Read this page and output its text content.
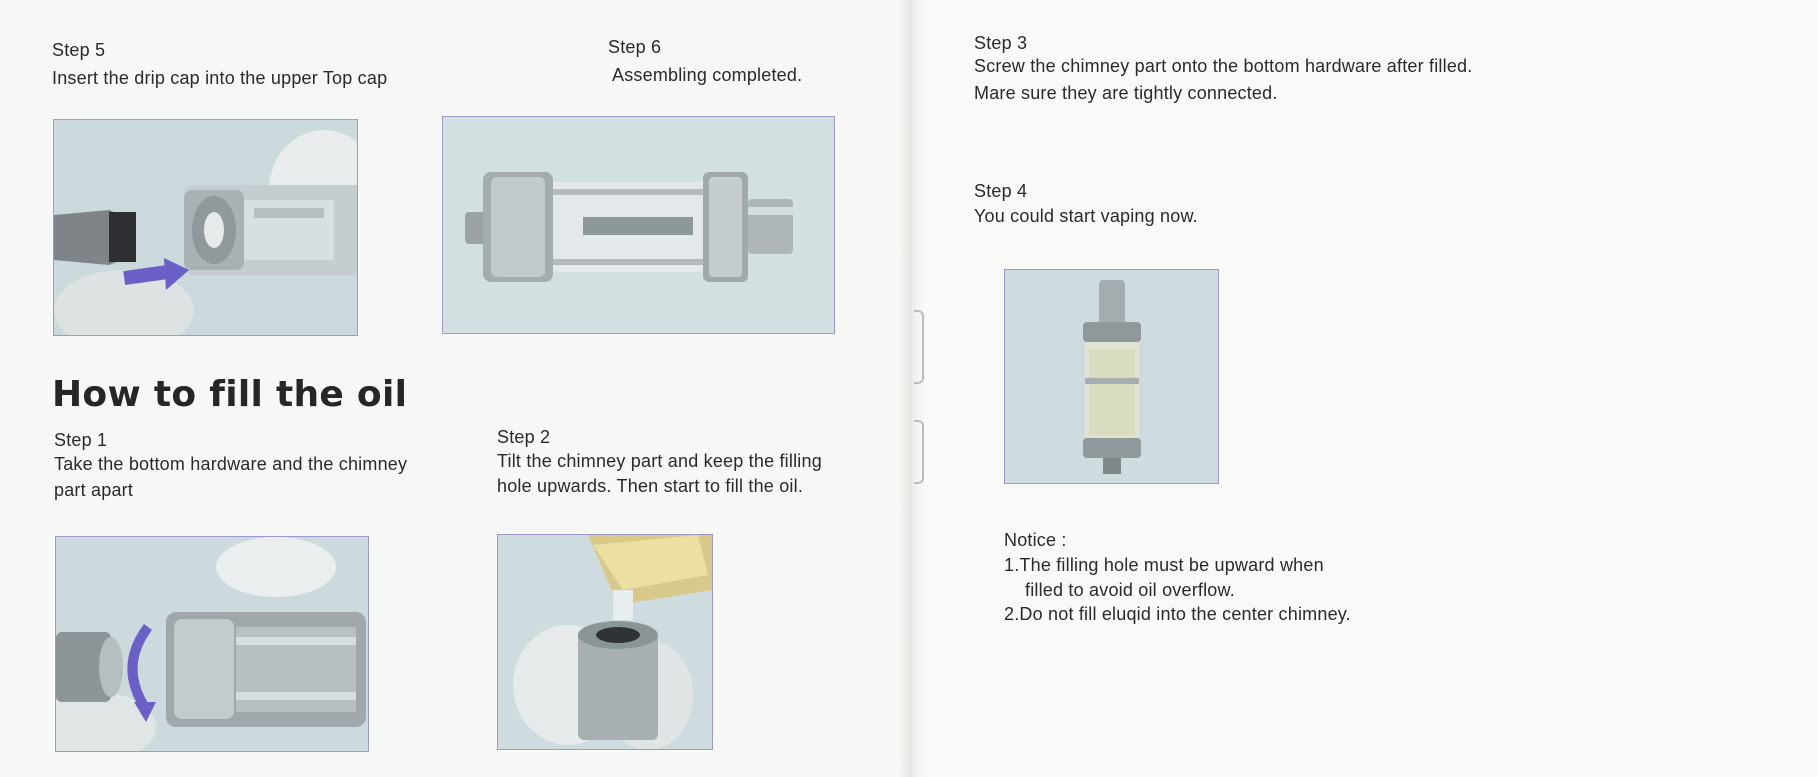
Step 5
Insert the drip cap into the upper Top cap
Step 6
Assembling completed.
How to fill the oil
Step 1
Take the bottom hardware and the chimney
part apart
Step 2
Tilt the chimney part and keep the filling
hole upwards. Then start to fill the oil.
Step 3
Screw the chimney part onto the bottom hardware after filled.
Mare sure they are tightly connected.
Step 4
You could start vaping now.
Notice :
1.The filling hole must be upward when
filled to avoid oil overflow.
2.Do not fill eluqid into the center chimney.
